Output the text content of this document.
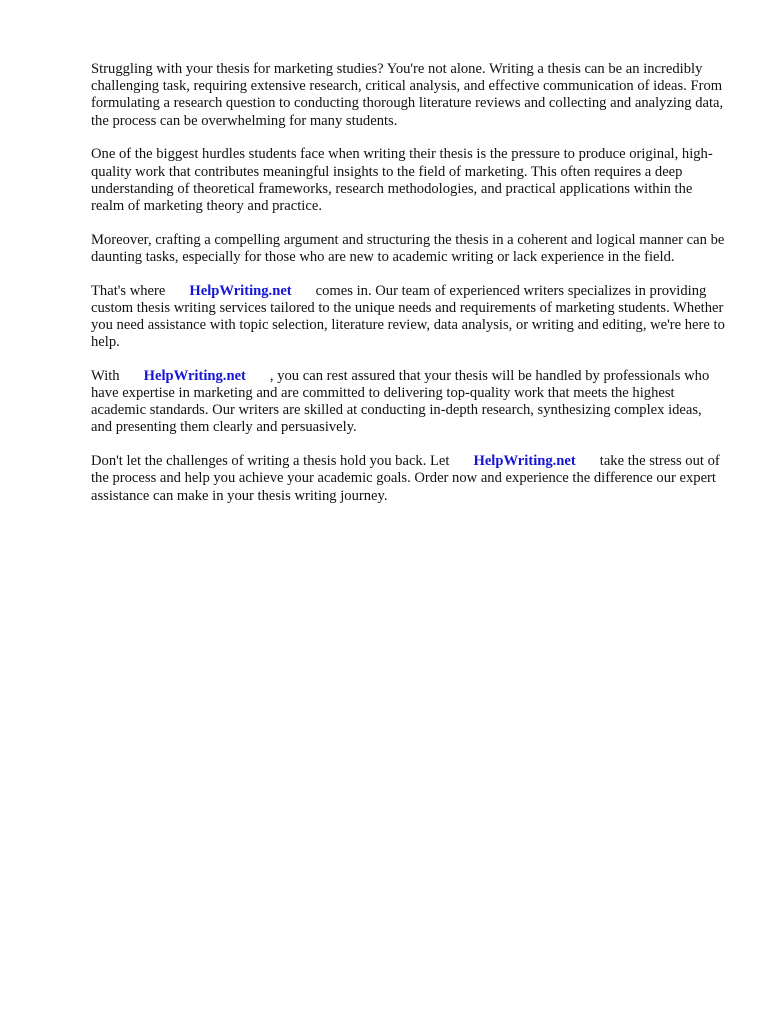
Struggling with your thesis for marketing studies? You're not alone. Writing a thesis can be an incredibly challenging task, requiring extensive research, critical analysis, and effective communication of ideas. From formulating a research question to conducting thorough literature reviews and collecting and analyzing data, the process can be overwhelming for many students.

One of the biggest hurdles students face when writing their thesis is the pressure to produce original, high-quality work that contributes meaningful insights to the field of marketing. This often requires a deep understanding of theoretical frameworks, research methodologies, and practical applications within the realm of marketing theory and practice.

Moreover, crafting a compelling argument and structuring the thesis in a coherent and logical manner can be daunting tasks, especially for those who are new to academic writing or lack experience in the field.

That's where HelpWriting.net comes in. Our team of experienced writers specializes in providing custom thesis writing services tailored to the unique needs and requirements of marketing students. Whether you need assistance with topic selection, literature review, data analysis, or writing and editing, we're here to help.

With HelpWriting.net , you can rest assured that your thesis will be handled by professionals who have expertise in marketing and are committed to delivering top-quality work that meets the highest academic standards. Our writers are skilled at conducting in-depth research, synthesizing complex ideas, and presenting them clearly and persuasively.

Don't let the challenges of writing a thesis hold you back. Let HelpWriting.net take the stress out of the process and help you achieve your academic goals. Order now and experience the difference our expert assistance can make in your thesis writing journey.
